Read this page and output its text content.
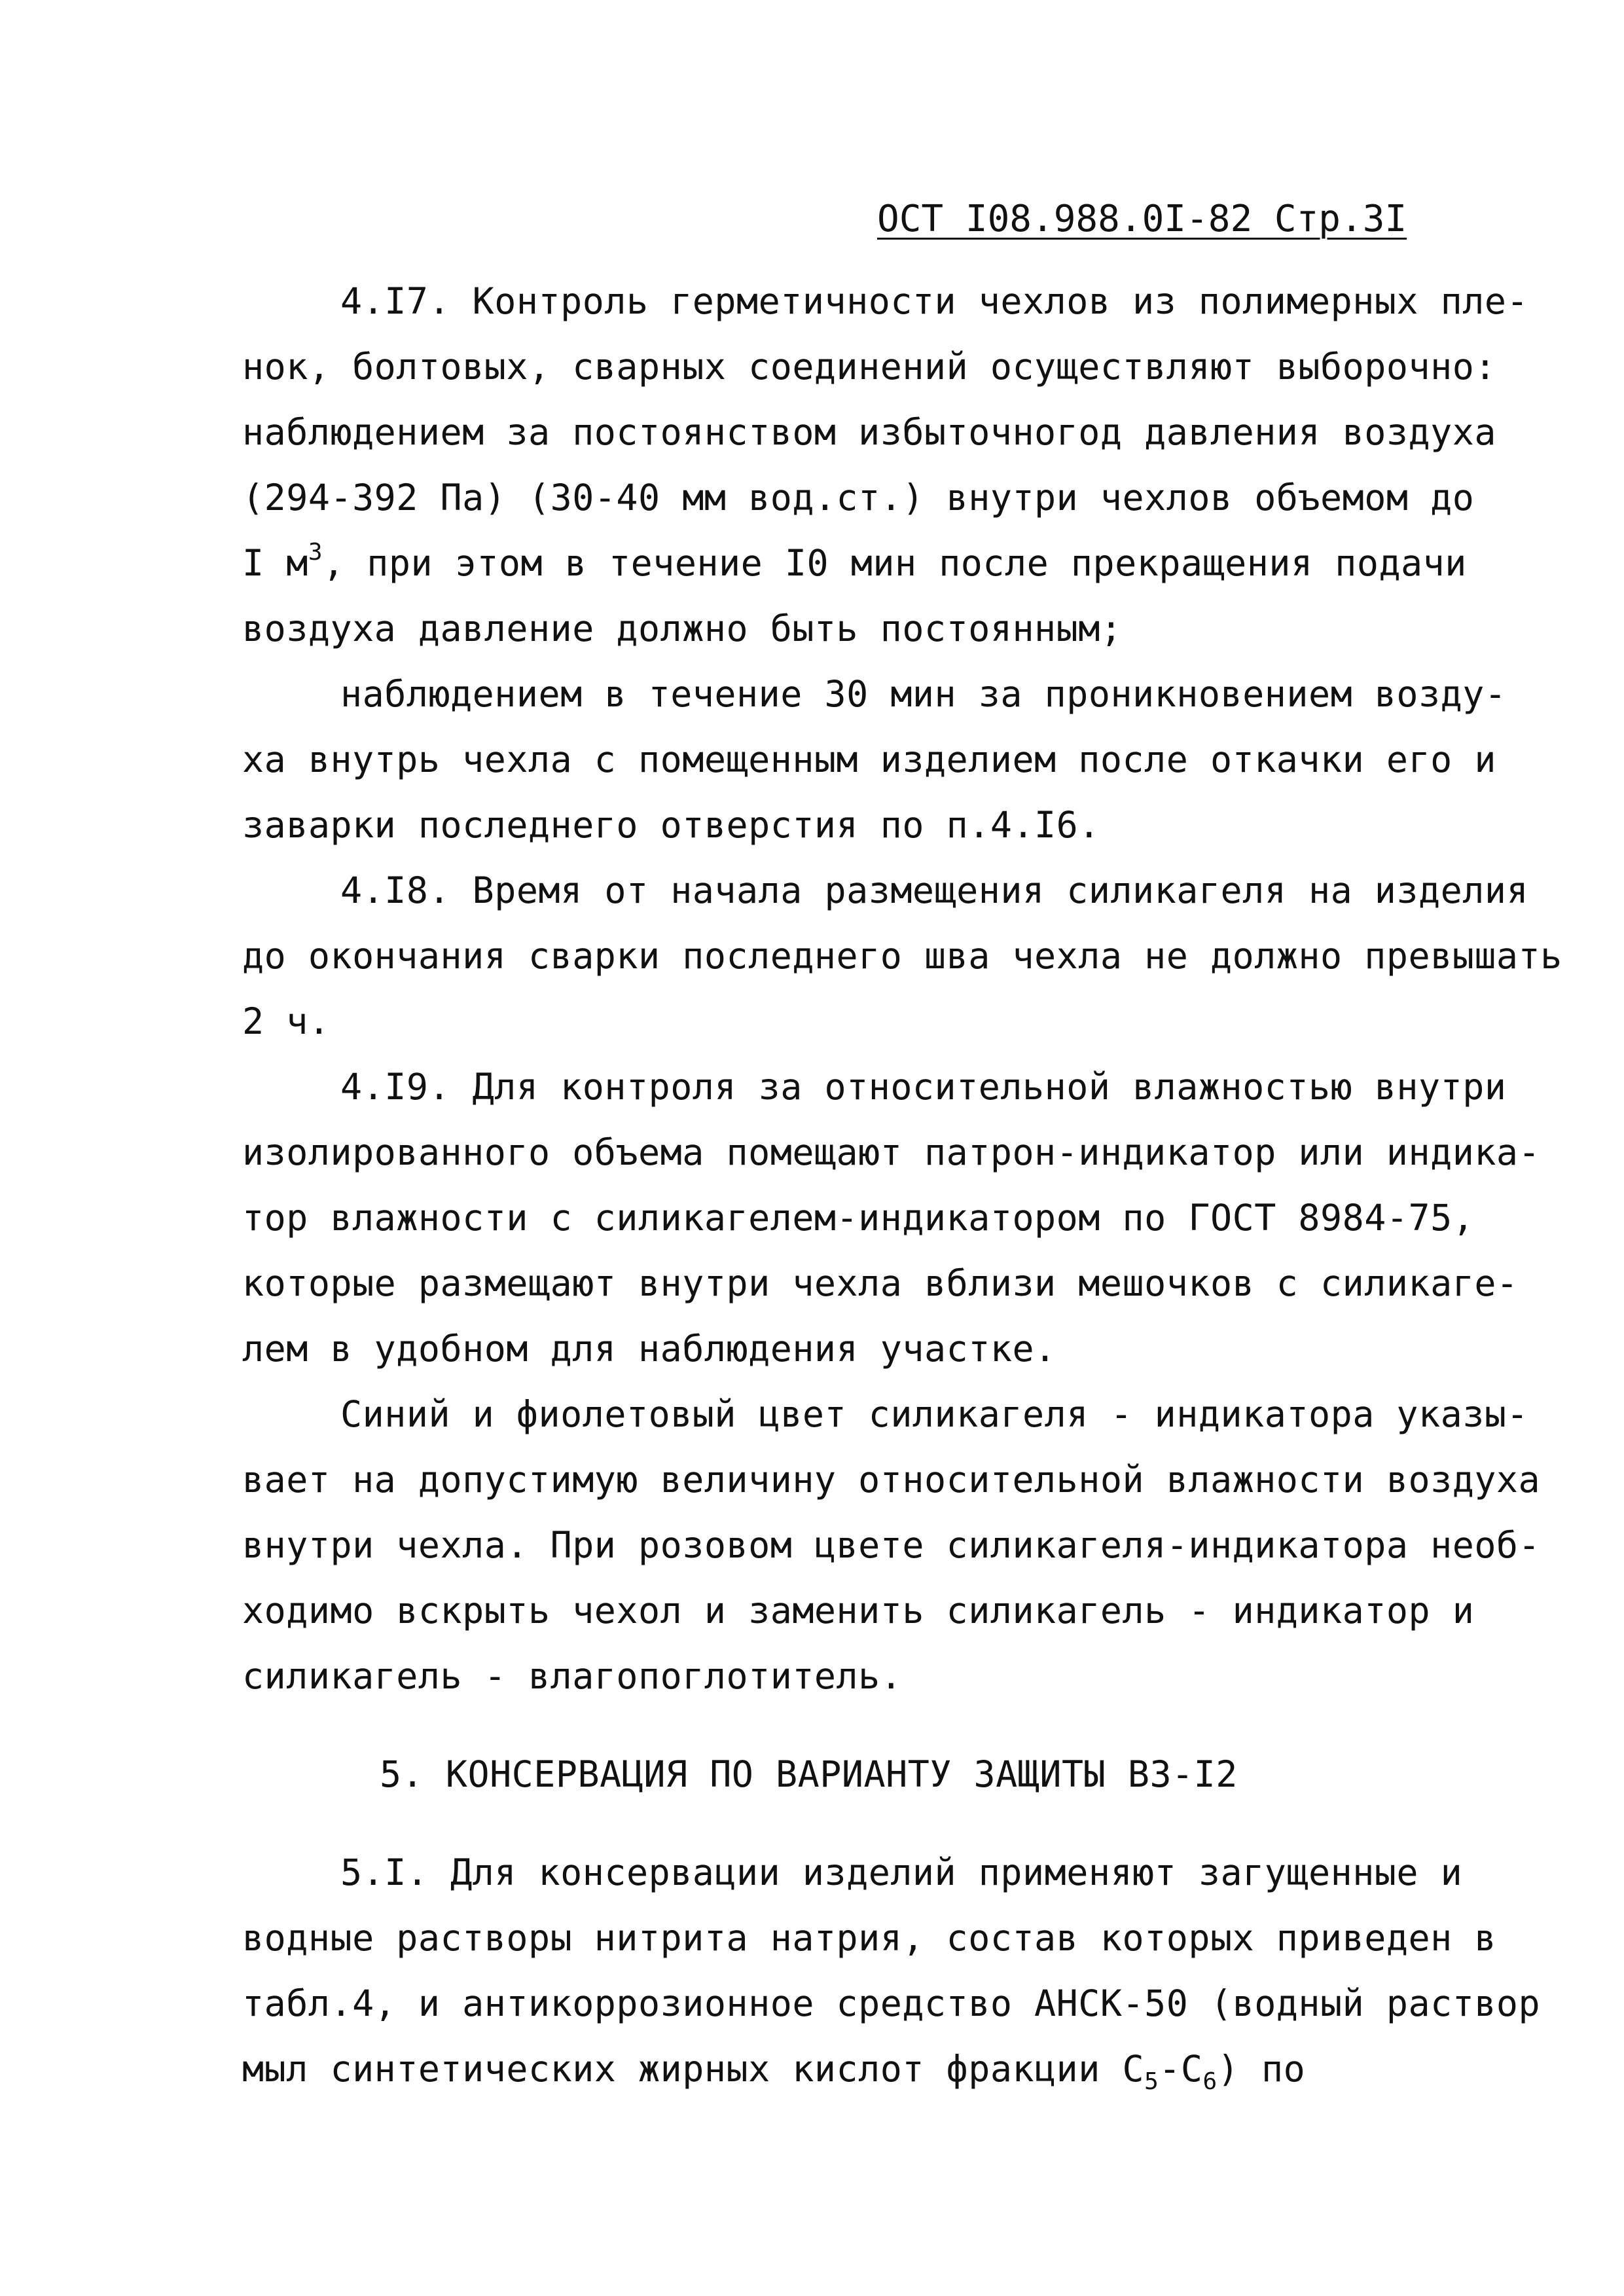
ОСТ I08.988.0I-82 Стр.3I
4.I7. Контроль герметичности чехлов из полимерных пле-
нок, болтовых, сварных соединений осуществляют выборочно:
наблюдением за постоянством избыточногод давления воздуха
(294-392 Па) (30-40 мм вод.ст.) внутри чехлов объемом до
I $м^3$, при этом в течение I0 мин после прекращения подачи
воздуха давление должно быть постоянным;
наблюдением в течение 30 мин за проникновением возду-
ха внутрь чехла с помещенным изделием после откачки его и
заварки последнего отверстия по п.4.I6.
4.I8. Время от начала размещения силикагеля на изделия
до окончания сварки последнего шва чехла не должно превышать
2 ч.
4.I9. Для контроля за относительной влажностью внутри
изолированного объема помещают патрон-индикатор или индика-
тор влажности с силикагелем-индикатором по ГОСТ 8984-75,
которые размещают внутри чехла вблизи мешочков с силикаге-
лем в удобном для наблюдения участке.
Синий и фиолетовый цвет силикагеля - индикатора указы-
вает на допустимую величину относительной влажности воздуха
внутри чехла. При розовом цвете силикагеля-индикатора необ-
ходимо вскрыть чехол и заменить силикагель - индикатор и
силикагель - влагопоглотитель.
5. КОНСЕРВАЦИЯ ПО ВАРИАНТУ ЗАЩИТЫ ВЗ-I2
5.I. Для консервации изделий применяют загущенные и
водные растворы нитрита натрия, состав которых приведен в
табл.4, и антикоррозионное средство АНСК-50 (водный раствор
мыл синтетических жирных кислот фракции $С_5-С_6$) по
